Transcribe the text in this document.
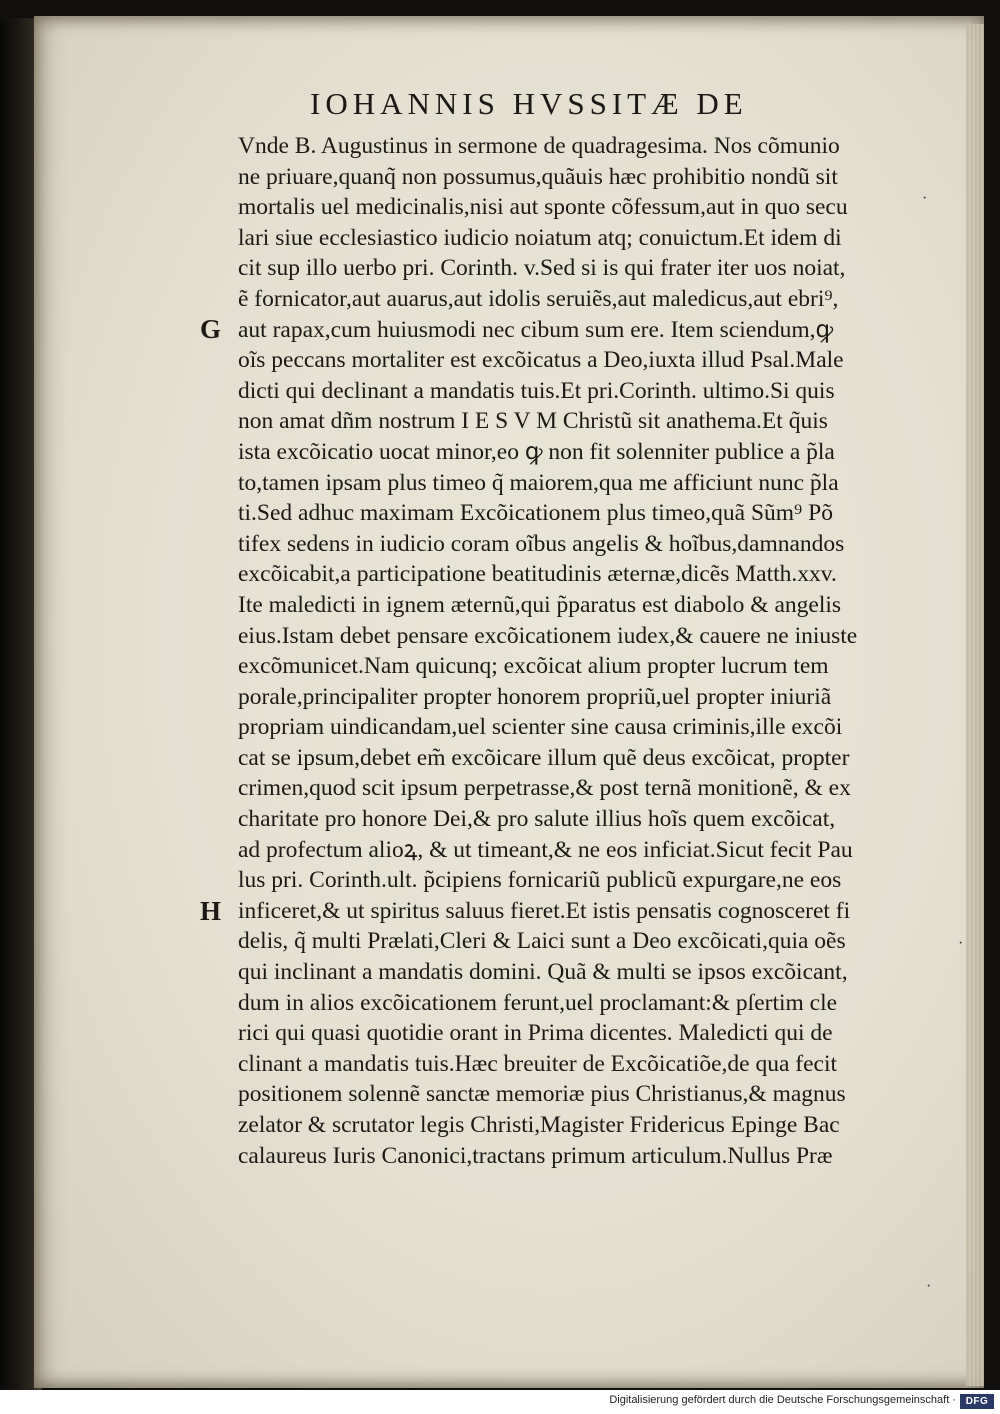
IOHANNIS HVSSITÆ DE
G
H
Vnde B. Augustinus in sermone de quadragesima. Nos cõmunio
ne priuare,quanq̃ non possumus,quãuis hæc prohibitio nondũ sit
mortalis uel medicinalis,nisi aut sponte cõfessum,aut in quo secu
lari siue ecclesiastico iudicio noiatum atq; conuictum.Et idem di
cit sup illo uerbo pri. Corinth. v.Sed si is qui frater iter uos noiat,
ẽ fornicator,aut auarus,aut idolis seruiẽs,aut maledicus,aut ebri⁹,
aut rapax,cum huiusmodi nec cibum sum ere. Item sciendum,ꝙ
oĩs peccans mortaliter est excõicatus a Deo,iuxta illud Psal.Male
dicti qui declinant a mandatis tuis.Et pri.Corinth. ultimo.Si quis
non amat dñm nostrum I E S V M Christũ sit anathema.Et q̃uis
ista excõicatio uocat minor,eo ꝙ non fit solenniter publice a p̃la
to,tamen ipsam plus timeo q̃ maiorem,qua me afficiunt nunc p̃la
ti.Sed adhuc maximam Excõicationem plus timeo,quã Sũm⁹ Põ
tifex sedens in iudicio coram oĩbus angelis & hoĩbus,damnandos
excõicabit,a participatione beatitudinis æternæ,dicẽs Matth.xxv.
Ite maledicti in ignem æternũ,qui p̃paratus est diabolo & angelis
eius.Istam debet pensare excõicationem iudex,& cauere ne iniuste
excõmunicet.Nam quicunq; excõicat alium propter lucrum tem
porale,principaliter propter honorem propriũ,uel propter iniuriã
propriam uindicandam,uel scienter sine causa criminis,ille excõi
cat se ipsum,debet em̃ excõicare illum quẽ deus excõicat, propter
crimen,quod scit ipsum perpetrasse,& post ternã monitionẽ, & ex
charitate pro honore Dei,& pro salute illius hoĩs quem excõicat,
ad profectum alioꝝ, & ut timeant,& ne eos inficiat.Sicut fecit Pau
lus pri. Corinth.ult. p̃cipiens fornicariũ publicũ expurgare,ne eos
inficeret,& ut spiritus saluus fieret.Et istis pensatis cognosceret fi
delis, q̃ multi Prælati,Cleri & Laici sunt a Deo excõicati,quia oẽs
qui inclinant a mandatis domini. Quã & multi se ipsos excõicant,
dum in alios excõicationem ferunt,uel proclamant:& pſertim cle
rici qui quasi quotidie orant in Prima dicentes. Maledicti qui de
clinant a mandatis tuis.Hæc breuiter de Excõicatiõe,de qua fecit
positionem solennẽ sanctæ memoriæ pius Christianus,& magnus
zelator & scrutator legis Christi,Magister Fridericus Epinge Bac
calaureus Iuris Canonici,tractans primum articulum.Nullus Præ
·
·
·
Digitalisierung gefördert durch die Deutsche Forschungsgemeinschaft · DFG
